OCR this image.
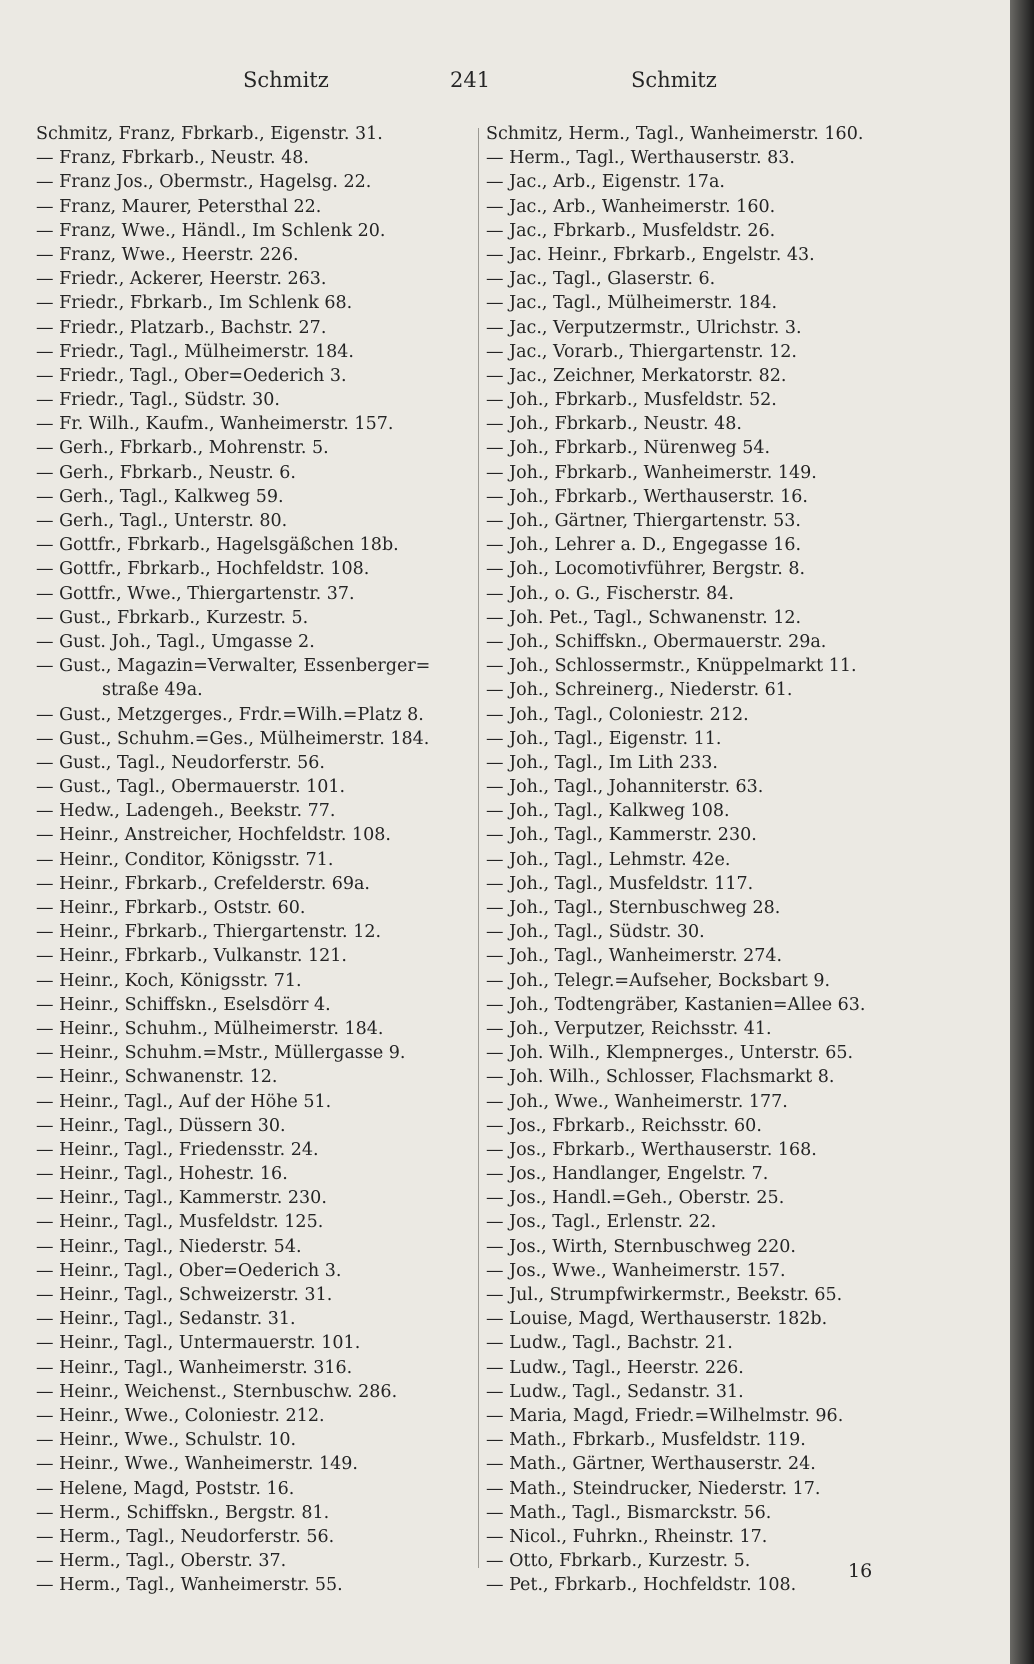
Schmitz	241	Schmitz
Schmitz, Franz, Fbrkarb., Eigenstr. 31.
— Franz, Fbrkarb., Neustr. 48.
— Franz Jos., Obermstr., Hagelsg. 22.
— Franz, Maurer, Petersthal 22.
— Franz, Wwe., Händl., Im Schlenk 20.
— Franz, Wwe., Heerstr. 226.
— Friedr., Ackerer, Heerstr. 263.
— Friedr., Fbrkarb., Im Schlenk 68.
— Friedr., Platzarb., Bachstr. 27.
— Friedr., Tagl., Mülheimerstr. 184.
— Friedr., Tagl., Ober=Oederich 3.
— Friedr., Tagl., Südstr. 30.
— Fr. Wilh., Kaufm., Wanheimerstr. 157.
— Gerh., Fbrkarb., Mohrenstr. 5.
— Gerh., Fbrkarb., Neustr. 6.
— Gerh., Tagl., Kalkweg 59.
— Gerh., Tagl., Unterstr. 80.
— Gottfr., Fbrkarb., Hagelsgäßchen 18b.
— Gottfr., Fbrkarb., Hochfeldstr. 108.
— Gottfr., Wwe., Thiergartenstr. 37.
— Gust., Fbrkarb., Kurzestr. 5.
— Gust. Joh., Tagl., Umgasse 2.
— Gust., Magazin=Verwalter, Essenberger=
straße 49a.
— Gust., Metzgerges., Frdr.=Wilh.=Platz 8.
— Gust., Schuhm.=Ges., Mülheimerstr. 184.
— Gust., Tagl., Neudorferstr. 56.
— Gust., Tagl., Obermauerstr. 101.
— Hedw., Ladengeh., Beekstr. 77.
— Heinr., Anstreicher, Hochfeldstr. 108.
— Heinr., Conditor, Königsstr. 71.
— Heinr., Fbrkarb., Crefelderstr. 69a.
— Heinr., Fbrkarb., Oststr. 60.
— Heinr., Fbrkarb., Thiergartenstr. 12.
— Heinr., Fbrkarb., Vulkanstr. 121.
— Heinr., Koch, Königsstr. 71.
— Heinr., Schiffskn., Eselsdörr 4.
— Heinr., Schuhm., Mülheimerstr. 184.
— Heinr., Schuhm.=Mstr., Müllergasse 9.
— Heinr., Schwanenstr. 12.
— Heinr., Tagl., Auf der Höhe 51.
— Heinr., Tagl., Düssern 30.
— Heinr., Tagl., Friedensstr. 24.
— Heinr., Tagl., Hohestr. 16.
— Heinr., Tagl., Kammerstr. 230.
— Heinr., Tagl., Musfeldstr. 125.
— Heinr., Tagl., Niederstr. 54.
— Heinr., Tagl., Ober=Oederich 3.
— Heinr., Tagl., Schweizerstr. 31.
— Heinr., Tagl., Sedanstr. 31.
— Heinr., Tagl., Untermauerstr. 101.
— Heinr., Tagl., Wanheimerstr. 316.
— Heinr., Weichenst., Sternbuschw. 286.
— Heinr., Wwe., Coloniestr. 212.
— Heinr., Wwe., Schulstr. 10.
— Heinr., Wwe., Wanheimerstr. 149.
— Helene, Magd, Poststr. 16.
— Herm., Schiffskn., Bergstr. 81.
— Herm., Tagl., Neudorferstr. 56.
— Herm., Tagl., Oberstr. 37.
— Herm., Tagl., Wanheimerstr. 55.
Schmitz, Herm., Tagl., Wanheimerstr. 160.
— Herm., Tagl., Werthauserstr. 83.
— Jac., Arb., Eigenstr. 17a.
— Jac., Arb., Wanheimerstr. 160.
— Jac., Fbrkarb., Musfeldstr. 26.
— Jac. Heinr., Fbrkarb., Engelstr. 43.
— Jac., Tagl., Glaserstr. 6.
— Jac., Tagl., Mülheimerstr. 184.
— Jac., Verputzermstr., Ulrichstr. 3.
— Jac., Vorarb., Thiergartenstr. 12.
— Jac., Zeichner, Merkatorstr. 82.
— Joh., Fbrkarb., Musfeldstr. 52.
— Joh., Fbrkarb., Neustr. 48.
— Joh., Fbrkarb., Nürenweg 54.
— Joh., Fbrkarb., Wanheimerstr. 149.
— Joh., Fbrkarb., Werthauserstr. 16.
— Joh., Gärtner, Thiergartenstr. 53.
— Joh., Lehrer a. D., Engegasse 16.
— Joh., Locomotivführer, Bergstr. 8.
— Joh., o. G., Fischerstr. 84.
— Joh. Pet., Tagl., Schwanenstr. 12.
— Joh., Schiffskn., Obermauerstr. 29a.
— Joh., Schlossermstr., Knüppelmarkt 11.
— Joh., Schreinerg., Niederstr. 61.
— Joh., Tagl., Coloniestr. 212.
— Joh., Tagl., Eigenstr. 11.
— Joh., Tagl., Im Lith 233.
— Joh., Tagl., Johanniterstr. 63.
— Joh., Tagl., Kalkweg 108.
— Joh., Tagl., Kammerstr. 230.
— Joh., Tagl., Lehmstr. 42e.
— Joh., Tagl., Musfeldstr. 117.
— Joh., Tagl., Sternbuschweg 28.
— Joh., Tagl., Südstr. 30.
— Joh., Tagl., Wanheimerstr. 274.
— Joh., Telegr.=Aufseher, Bocksbart 9.
— Joh., Todtengräber, Kastanien=Allee 63.
— Joh., Verputzer, Reichsstr. 41.
— Joh. Wilh., Klempnerges., Unterstr. 65.
— Joh. Wilh., Schlosser, Flachsmarkt 8.
— Joh., Wwe., Wanheimerstr. 177.
— Jos., Fbrkarb., Reichsstr. 60.
— Jos., Fbrkarb., Werthauserstr. 168.
— Jos., Handlanger, Engelstr. 7.
— Jos., Handl.=Geh., Oberstr. 25.
— Jos., Tagl., Erlenstr. 22.
— Jos., Wirth, Sternbuschweg 220.
— Jos., Wwe., Wanheimerstr. 157.
— Jul., Strumpfwirkermstr., Beekstr. 65.
— Louise, Magd, Werthauserstr. 182b.
— Ludw., Tagl., Bachstr. 21.
— Ludw., Tagl., Heerstr. 226.
— Ludw., Tagl., Sedanstr. 31.
— Maria, Magd, Friedr.=Wilhelmstr. 96.
— Math., Fbrkarb., Musfeldstr. 119.
— Math., Gärtner, Werthauserstr. 24.
— Math., Steindrucker, Niederstr. 17.
— Math., Tagl., Bismarckstr. 56.
— Nicol., Fuhrkn., Rheinstr. 17.
— Otto, Fbrkarb., Kurzestr. 5.
— Pet., Fbrkarb., Hochfeldstr. 108.
16
